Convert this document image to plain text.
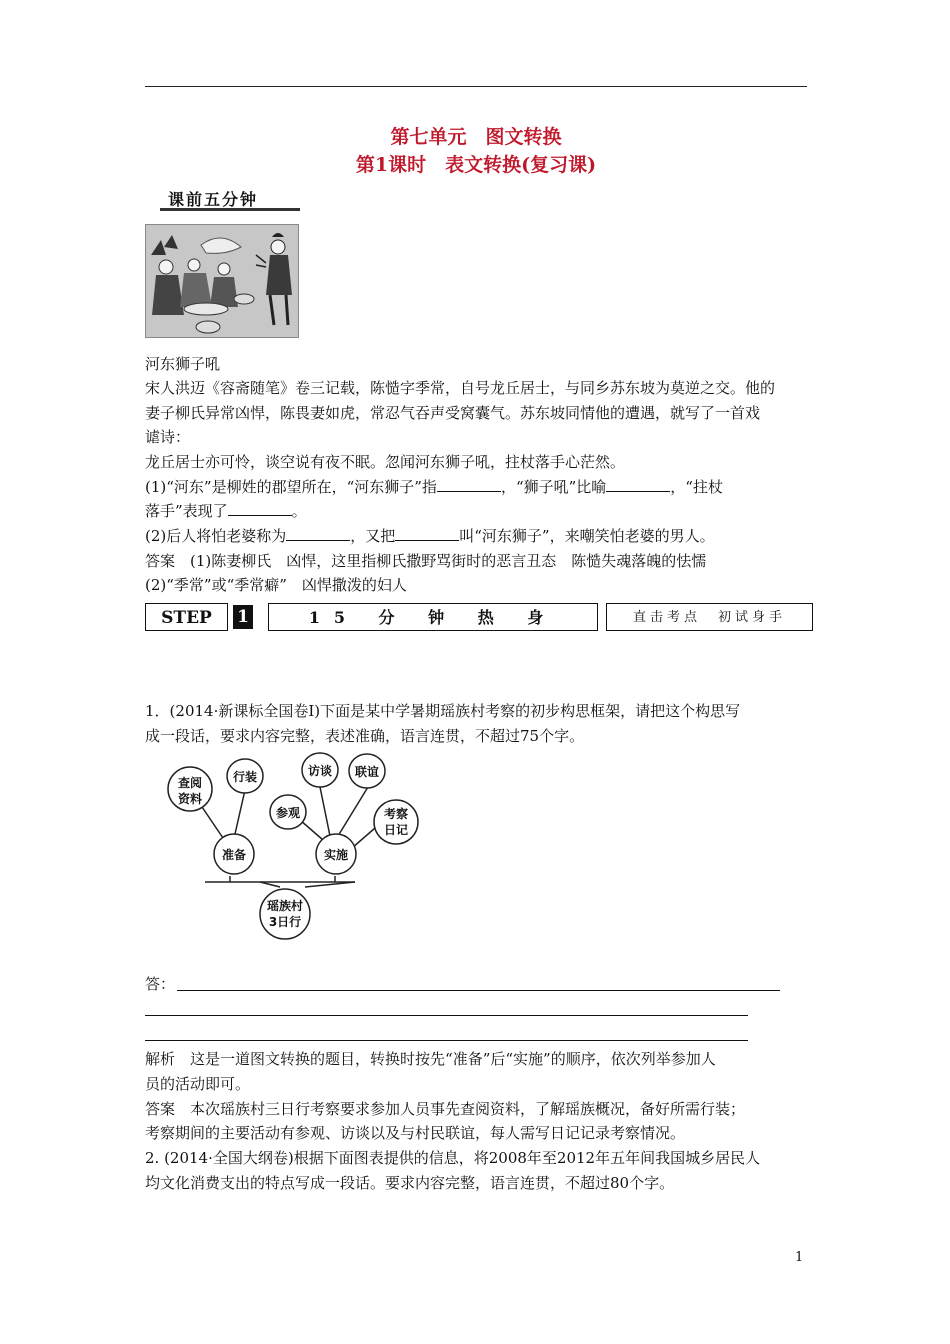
第七单元　图文转换
第1课时　表文转换(复习课)
课前五分钟
河东狮子吼
宋人洪迈《容斋随笔》卷三记载，陈慥字季常，自号龙丘居士，与同乡苏东坡为莫逆之交。他的
妻子柳氏异常凶悍，陈畏妻如虎，常忍气吞声受窝囊气。苏东坡同情他的遭遇，就写了一首戏
谑诗：
龙丘居士亦可怜，谈空说有夜不眠。忽闻河东狮子吼，拄杖落手心茫然。
(1)“河东”是柳姓的郡望所在，“河东狮子”指	，“狮子吼”比喻	，“拄杖
落手”表现了	。
(2)后人将怕老婆称为	，又把	叫“河东狮子”，来嘲笑怕老婆的男人。
答案　 (1)陈妻柳氏　凶悍，这里指柳氏撒野骂街时的恶言丑态　陈慥失魂落魄的怯懦
(2)“季常”或“季常癖”　凶悍撒泼的妇人
STEP	1	15 分 钟 热 身	直击考点　初试身手
1．(2014·新课标全国卷Ⅰ)下面是某中学暑期瑶族村考察的初步构思框架，请把这个构思写
成一段话，要求内容完整，表述准确，语言连贯，不超过75个字。
查阅
资料
行装
准备
参观
访谈 联谊
考察
日记
实施
瑶族村
3日行
答：
解析　 这是一道图文转换的题目，转换时按先“准备”后“实施”的顺序，依次列举参加人
员的活动即可。
答案　 本次瑶族村三日行考察要求参加人员事先查阅资料，了解瑶族概况，备好所需行装；
考察期间的主要活动有参观、访谈以及与村民联谊，每人需写日记记录考察情况。
2. (2014·全国大纲卷)根据下面图表提供的信息，将2008年至2012年五年间我国城乡居民人
均文化消费支出的特点写成一段话。要求内容完整，语言连贯，不超过80个字。
1
